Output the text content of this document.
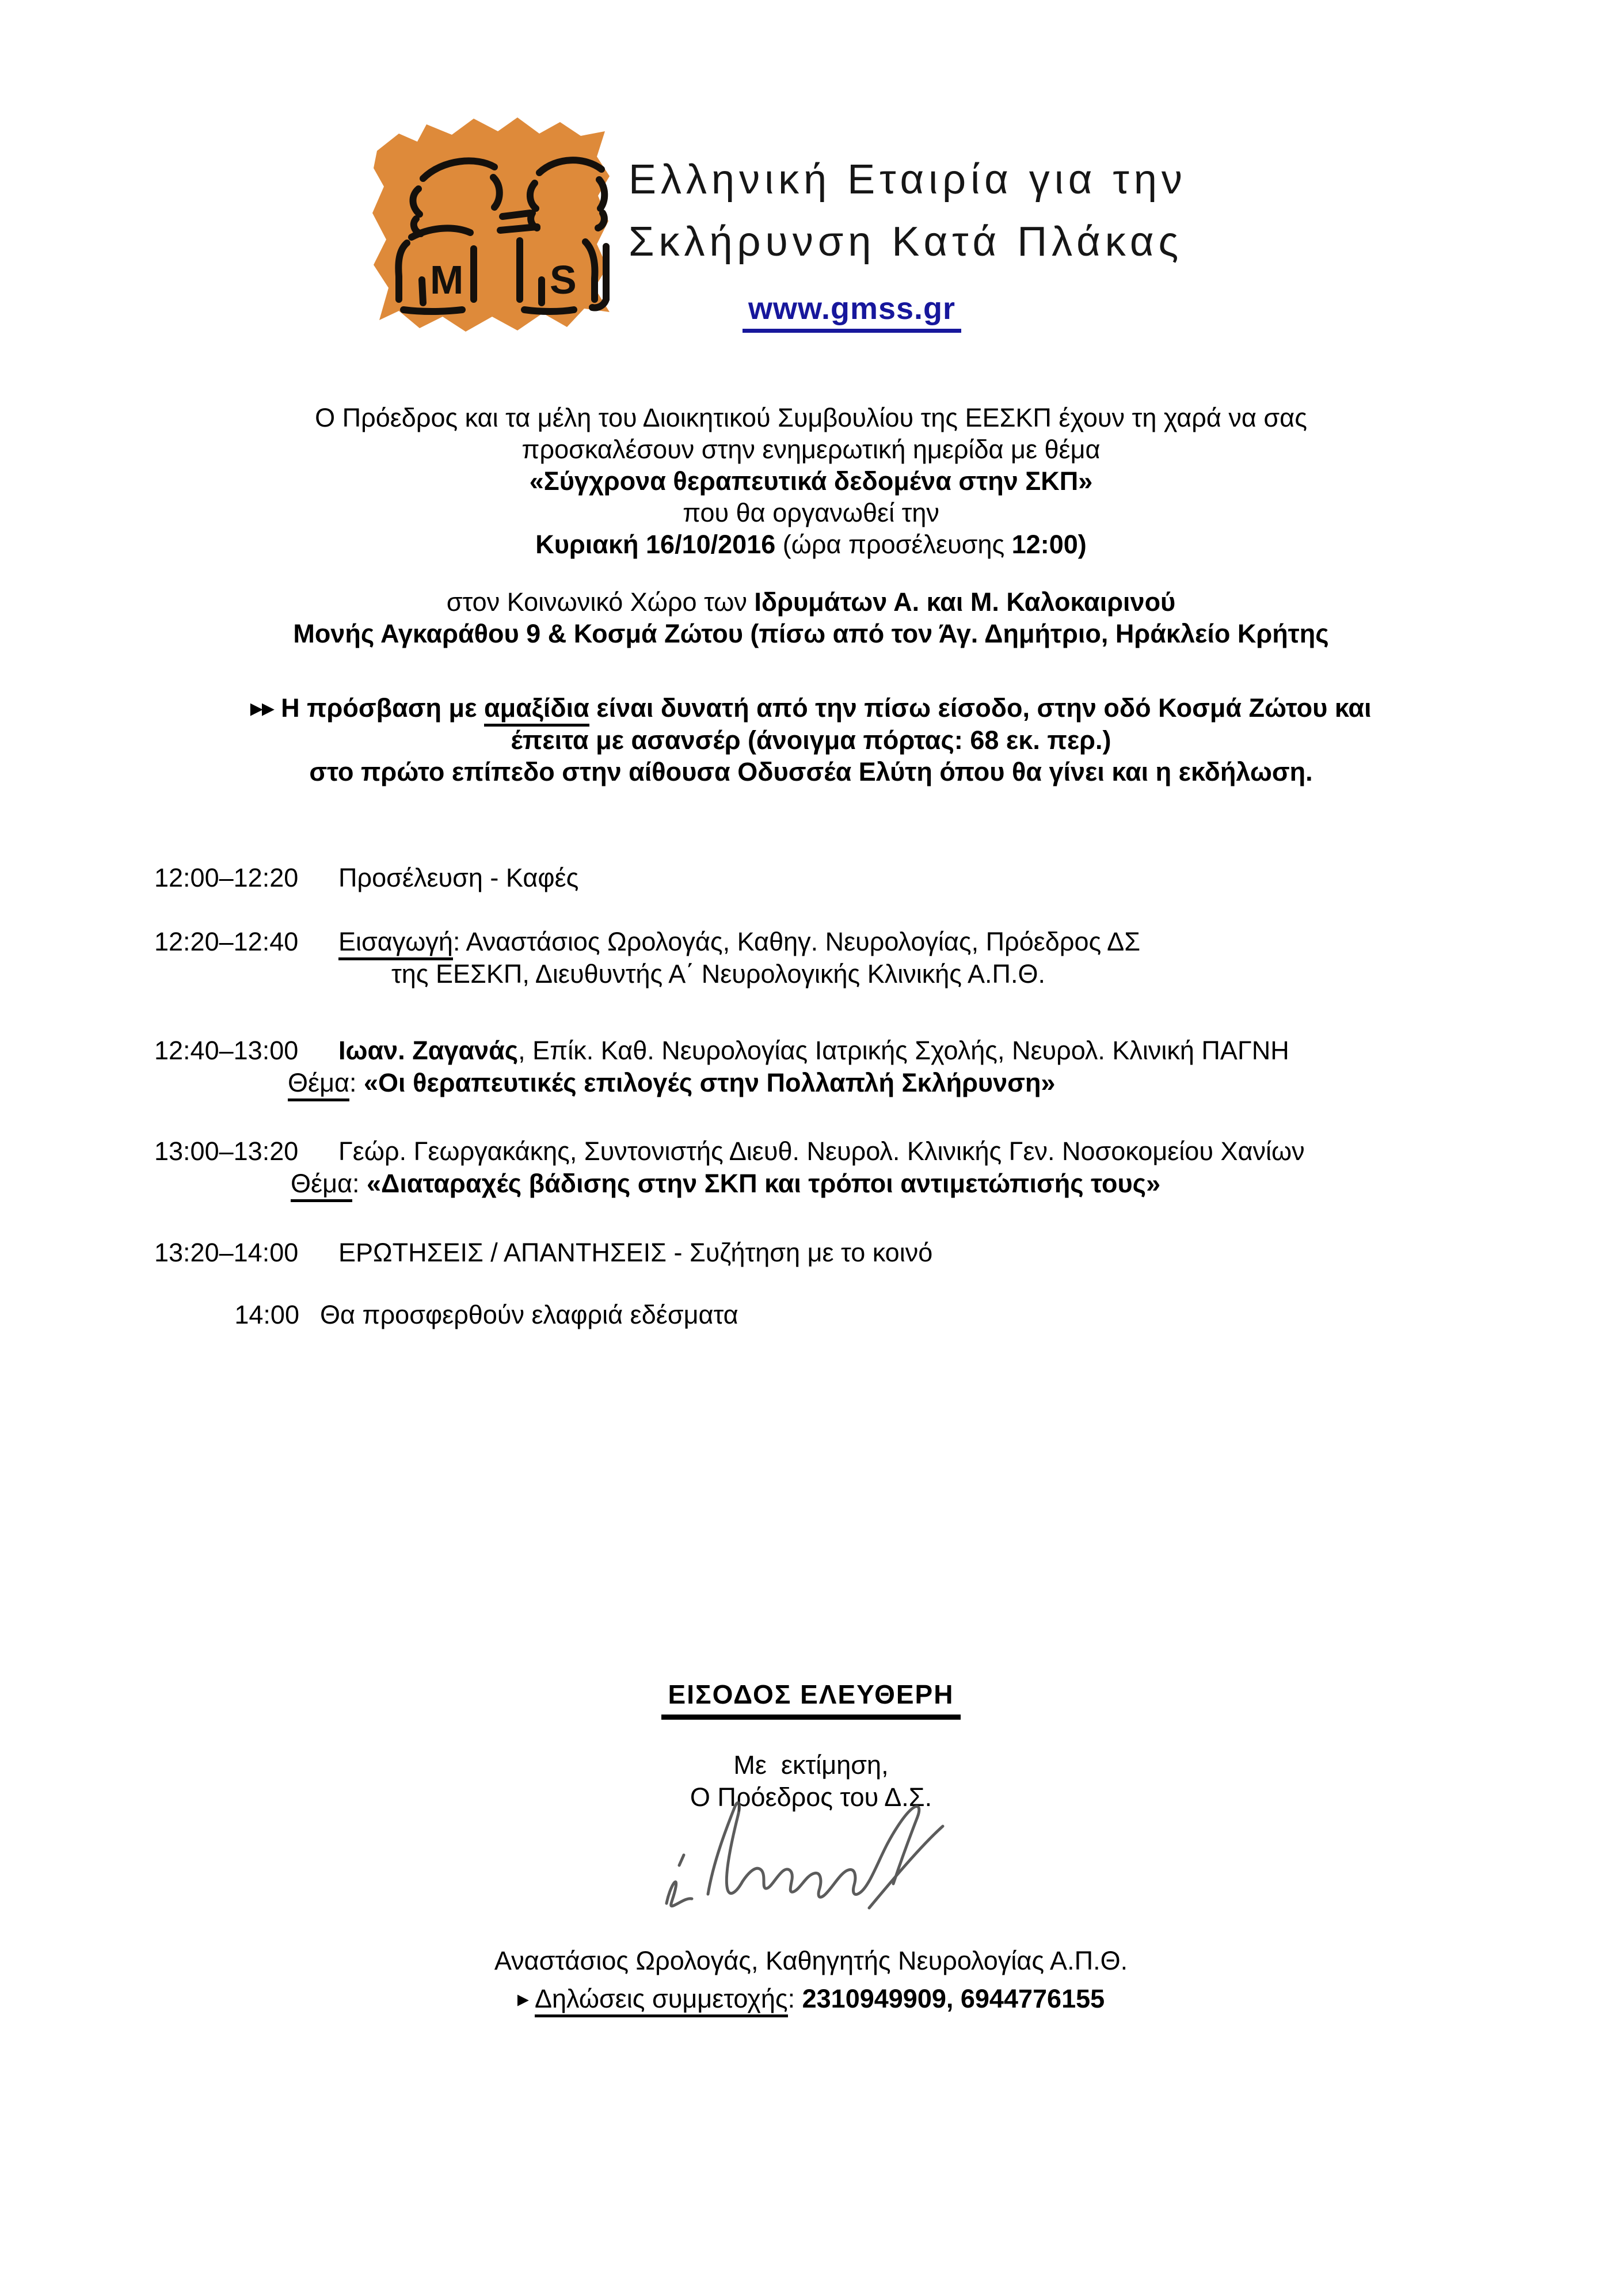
M S
Ελληνική Εταιρία για την
Σκλήρυνση Κατά Πλάκας
www.gmss.gr
Ο Πρόεδρος και τα μέλη του Διοικητικού Συμβουλίου της ΕΕΣΚΠ έχουν τη χαρά να σας
προσκαλέσουν στην ενημερωτική ημερίδα με θέμα
«Σύγχρονα θεραπευτικά δεδομένα στην ΣΚΠ»
που θα οργανωθεί την
Κυριακή 16/10/2016 (ώρα προσέλευσης 12:00)
στον Κοινωνικό Χώρο των Ιδρυμάτων Α. και Μ. Καλοκαιρινού
Μονής Αγκαράθου 9 & Κοσμά Ζώτου (πίσω από τον Άγ. Δημήτριο, Ηράκλείο Κρήτης
▸▸ Η πρόσβαση με αμαξίδια είναι δυνατή από την πίσω είσοδο, στην οδό Κοσμά Ζώτου και
έπειτα με ασανσέρ (άνοιγμα πόρτας: 68 εκ. περ.)
στο πρώτο επίπεδο στην αίθουσα Οδυσσέα Ελύτη όπου θα γίνει και η εκδήλωση.
12:00–12:20 Προσέλευση - Καφές
12:20–12:40 Εισαγωγή: Αναστάσιος Ωρολογάς, Καθηγ. Νευρολογίας, Πρόεδρος ΔΣ
της ΕΕΣΚΠ, Διευθυντής Α΄ Νευρολογικής Κλινικής Α.Π.Θ.
12:40–13:00 Ιωαν. Ζαγανάς, Επίκ. Καθ. Νευρολογίας Ιατρικής Σχολής, Νευρολ. Κλινική ΠΑΓΝΗ
Θέμα: «Οι θεραπευτικές επιλογές στην Πολλαπλή Σκλήρυνση»
13:00–13:20 Γεώρ. Γεωργακάκης, Συντονιστής Διευθ. Νευρολ. Κλινικής Γεν. Νοσοκομείου Χανίων
Θέμα: «Διαταραχές βάδισης στην ΣΚΠ και τρόποι αντιμετώπισής τους»
13:20–14:00 ΕΡΩΤΗΣΕΙΣ / ΑΠΑΝΤΗΣΕΙΣ - Συζήτηση με το κοινό
14:00 Θα προσφερθούν ελαφριά εδέσματα
ΕΙΣΟΔΟΣ ΕΛΕΥΘΕΡΗ
Με  εκτίμηση,
Ο Πρόεδρος του Δ.Σ.
Αναστάσιος Ωρολογάς, Καθηγητής Νευρολογίας Α.Π.Θ.
▸ Δηλώσεις συμμετοχής: 2310949909, 6944776155
